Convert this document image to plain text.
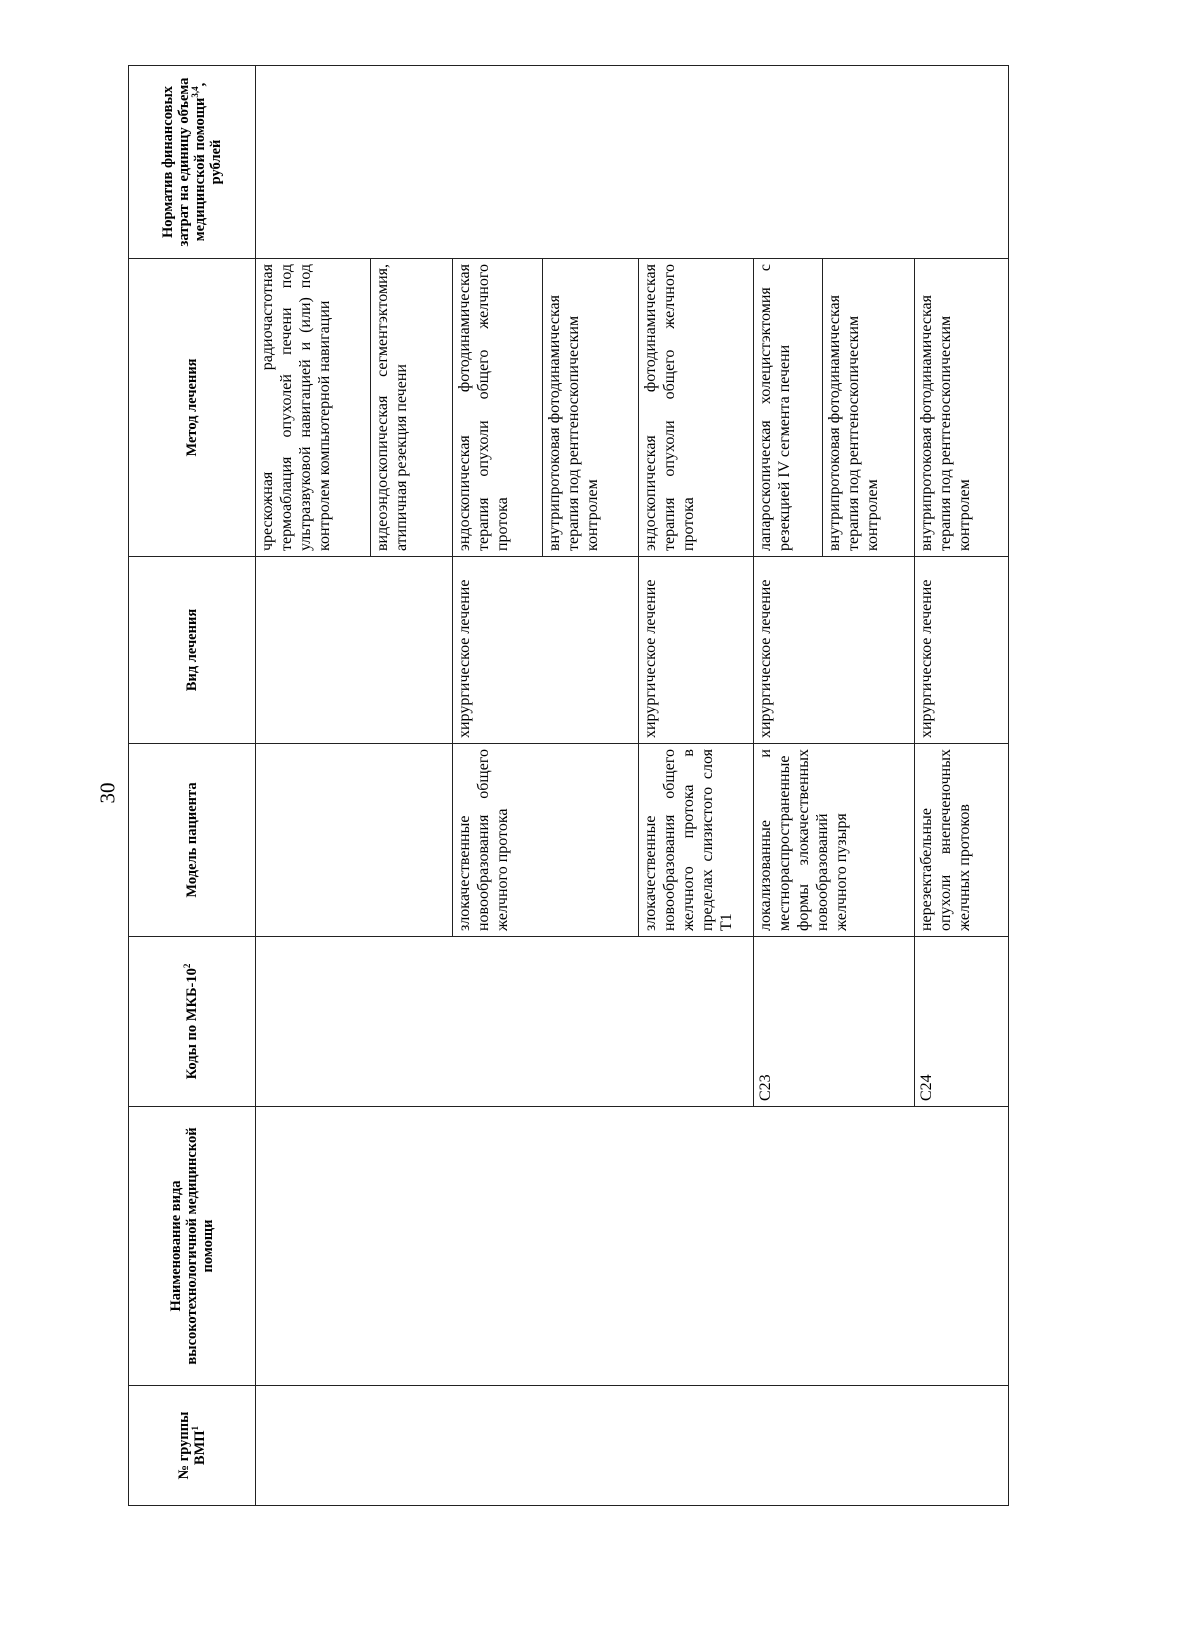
30
№ группы ВМП$^1$	Наименование вида высокотехнологичной медицинской помощи	Коды по МКБ-$10^2$	Модель пациента	Вид лечения	Метод лечения	Норматив финансовых затрат на единицу объема медицинской помощи$^{3,4}$, рублей
					чрескожная радиочастотная термоаблация опухолей печени под ультразвуковой навигацией и (или) под контролем компьютерной навигации	
					видеоэндоскопическая сегментэктомия, атипичная резекция печени	
			злокачественные новообразования общего желчного протока	хирургическое лечение	эндоскопическая фотодинамическая терапия опухоли общего желчного протока	
					внутрипротоковая фотодинамическая терапия под рентгеноскопическим контролем	
			злокачественные новообразования общего желчного протока в пределах слизистого слоя Т1	хирургическое лечение	эндоскопическая фотодинамическая терапия опухоли общего желчного протока	
		С23	локализованные и местнораспространенные формы злокачественных новообразований желчного пузыря	хирургическое лечение	лапароскопическая холецистэктомия с резекцией IV сегмента печени	
					внутрипротоковая фотодинамическая терапия под рентгеноскопическим контролем	
		С24	нерезектабельные опухоли внепеченочных желчных протоков	хирургическое лечение	внутрипротоковая фотодинамическая терапия под рентгеноскопическим контролем	
